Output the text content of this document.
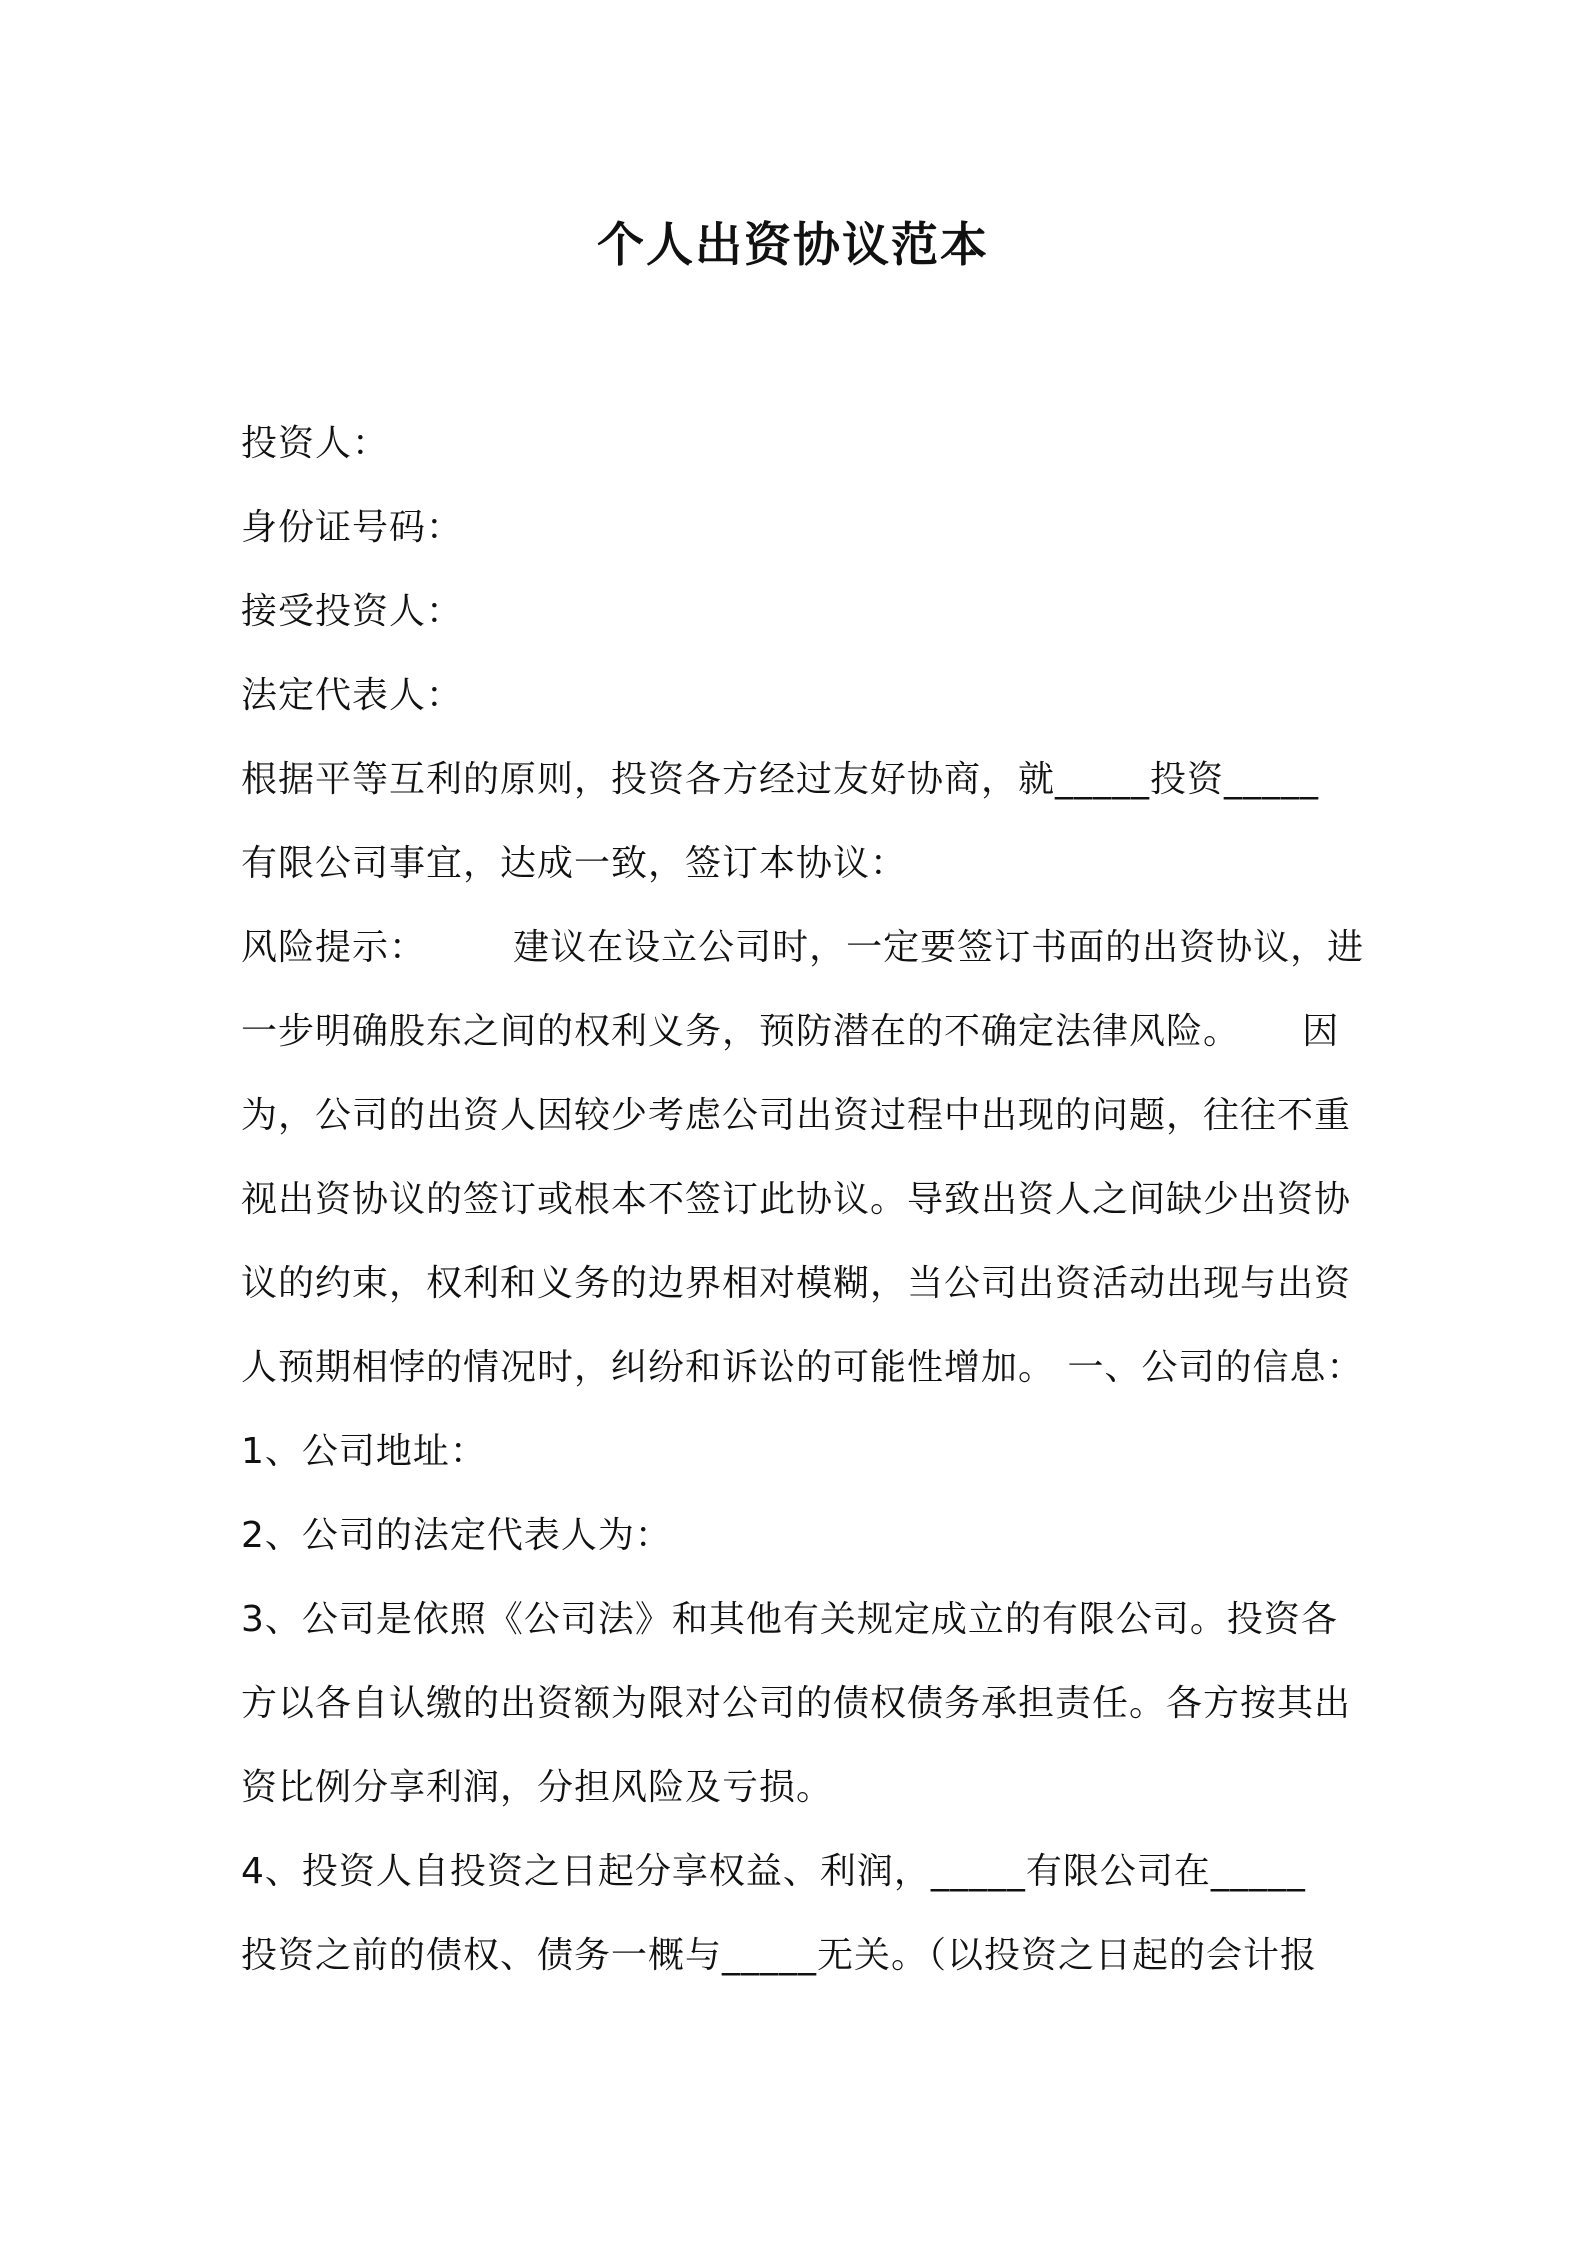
个人出资协议范本
投资人：
身份证号码：
接受投资人：
法定代表人：
根据平等互利的原则，投资各方经过友好协商，就_____投资_____
有限公司事宜，达成一致，签订本协议：
风险提示：       建议在设立公司时，一定要签订书面的出资协议，进
一步明确股东之间的权利义务，预防潜在的不确定法律风险。     因
为，公司的出资人因较少考虑公司出资过程中出现的问题，往往不重
视出资协议的签订或根本不签订此协议。导致出资人之间缺少出资协
议的约束，权利和义务的边界相对模糊，当公司出资活动出现与出资
人预期相悖的情况时，纠纷和诉讼的可能性增加。 一、公司的信息：
1、公司地址：
2、公司的法定代表人为：
3、公司是依照《公司法》和其他有关规定成立的有限公司。投资各
方以各自认缴的出资额为限对公司的债权债务承担责任。各方按其出
资比例分享利润，分担风险及亏损。
4、投资人自投资之日起分享权益、利润，_____有限公司在_____
投资之前的债权、债务一概与_____无关。（以投资之日起的会计报
